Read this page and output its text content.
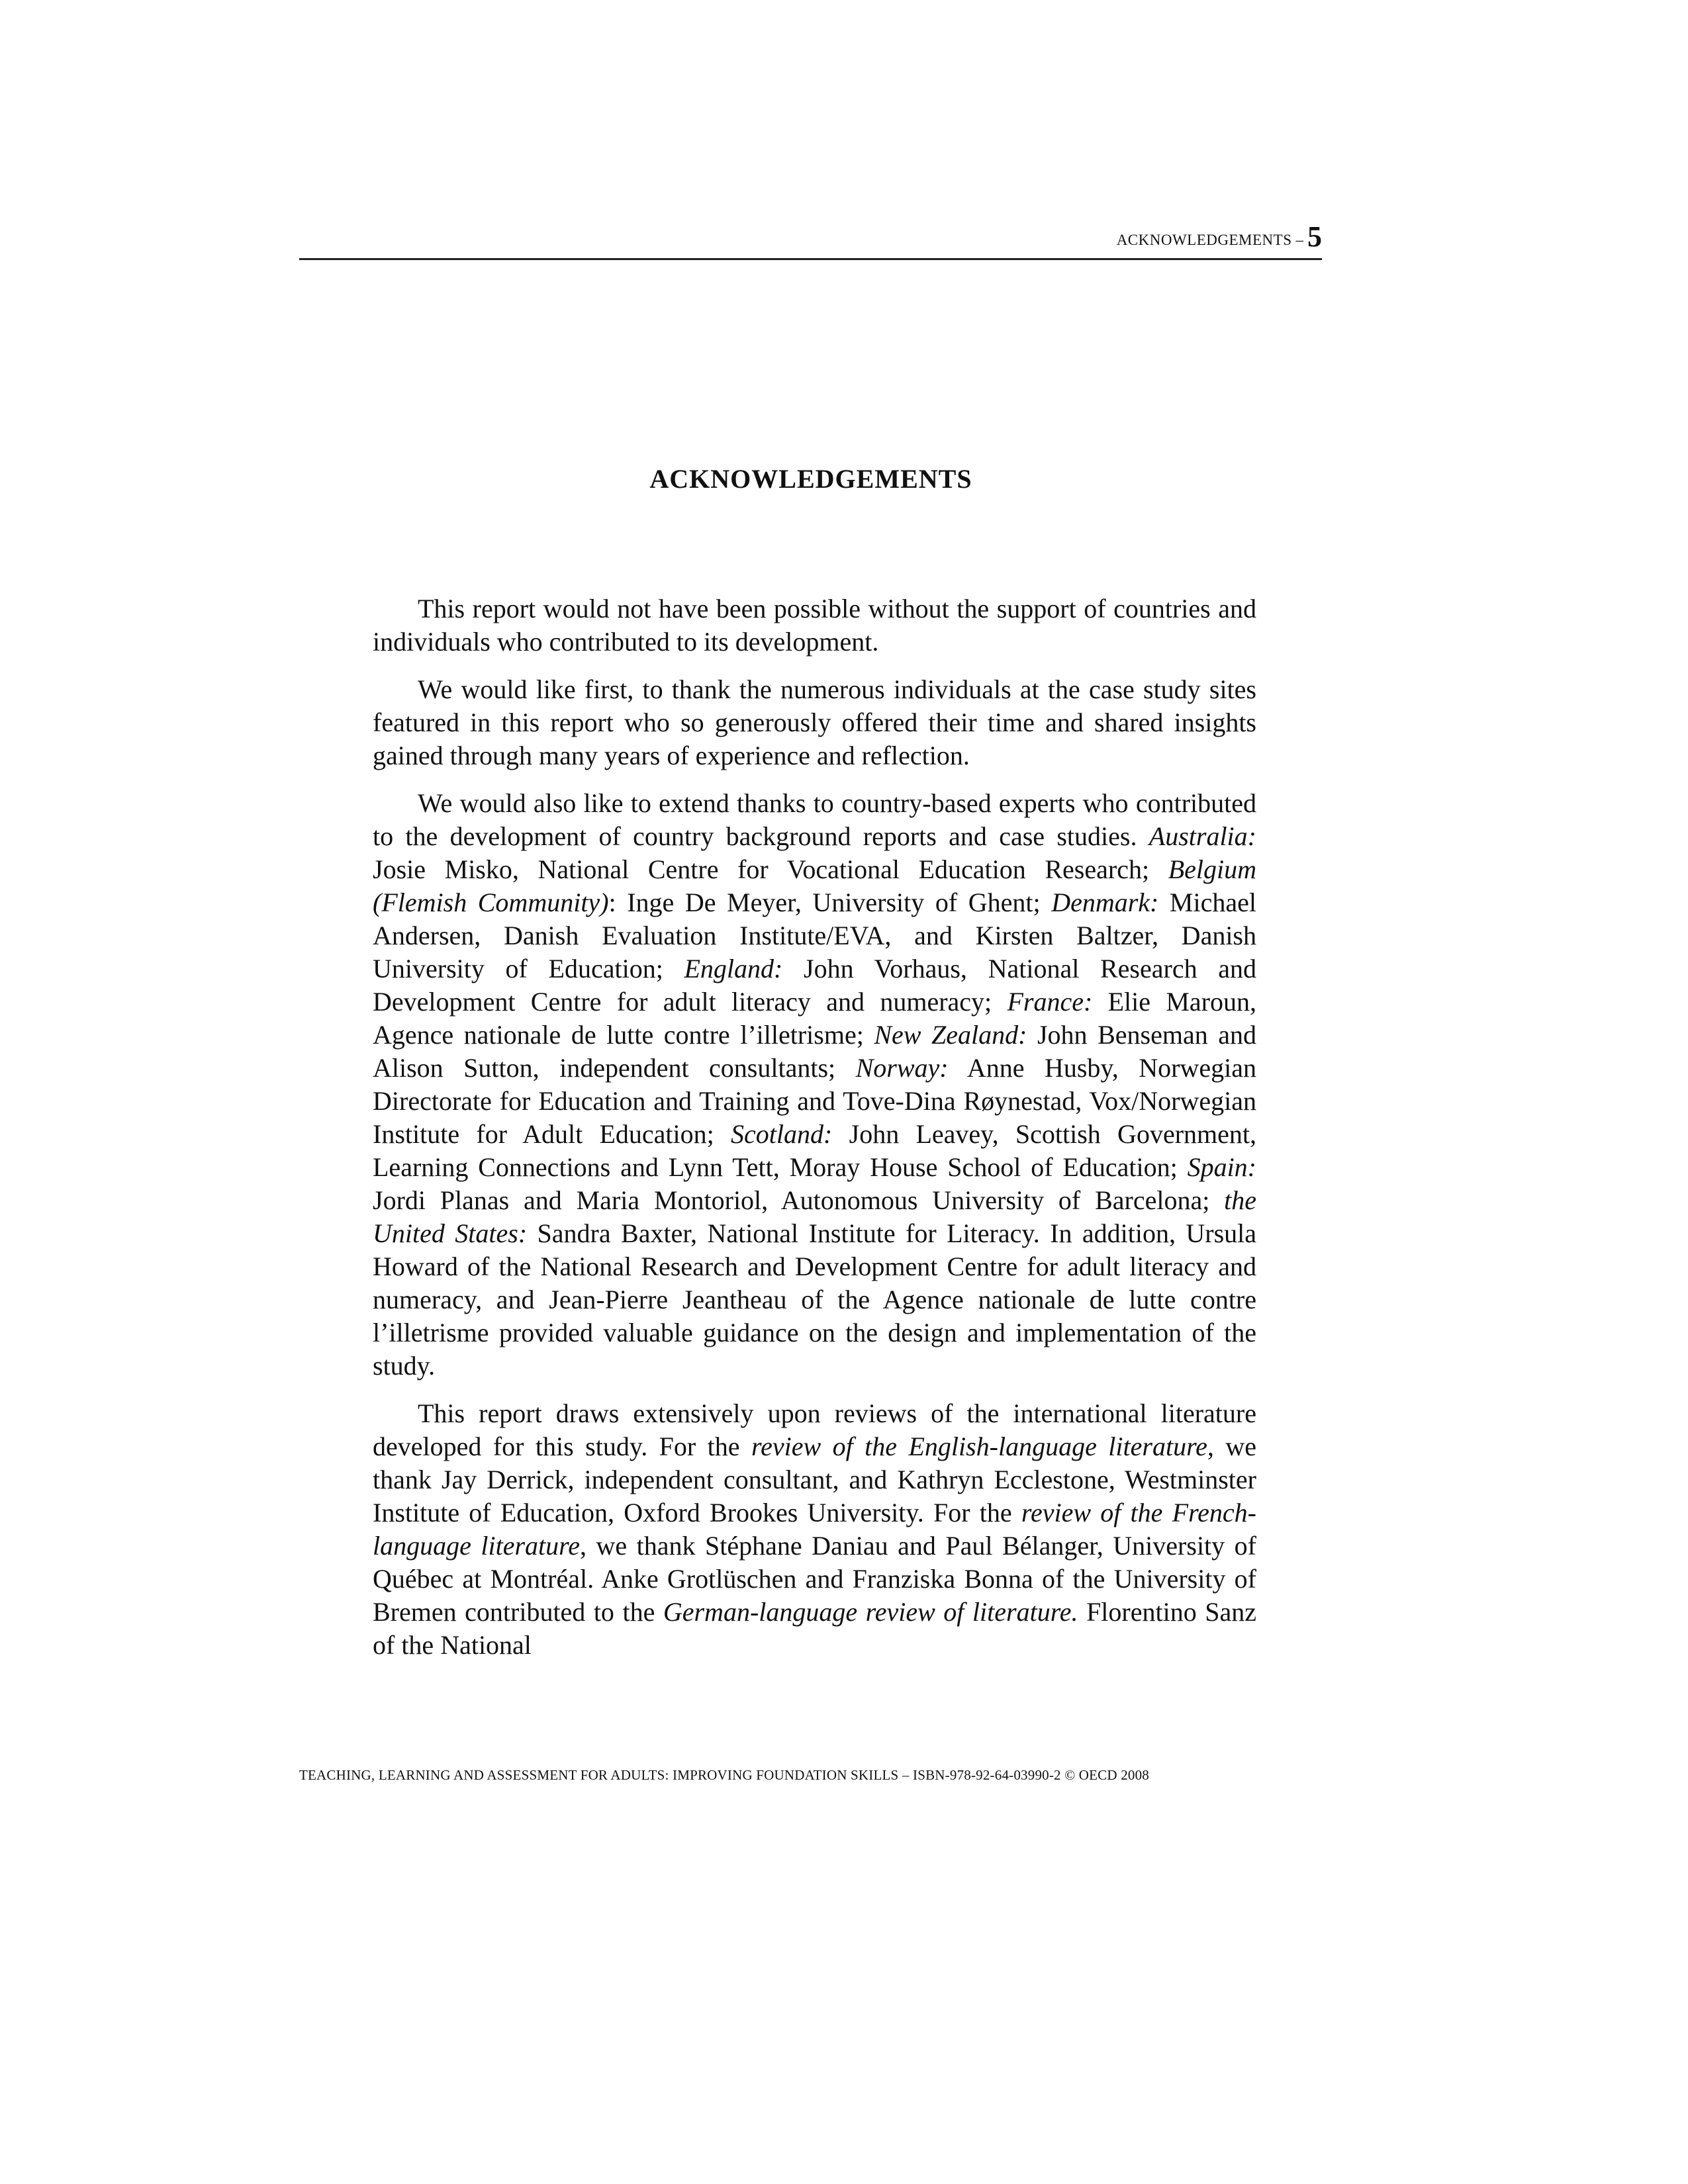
ACKNOWLEDGEMENTS – 5
ACKNOWLEDGEMENTS

This report would not have been possible without the support of countries and individuals who contributed to its development.

We would like first, to thank the numerous individuals at the case study sites featured in this report who so generously offered their time and shared insights gained through many years of experience and reflection.

We would also like to extend thanks to country-based experts who contributed to the development of country background reports and case studies. Australia: Josie Misko, National Centre for Vocational Education Research; Belgium (Flemish Community): Inge De Meyer, University of Ghent; Denmark: Michael Andersen, Danish Evaluation Institute/EVA, and Kirsten Baltzer, Danish University of Education; England: John Vorhaus, National Research and Development Centre for adult literacy and numeracy; France: Elie Maroun, Agence nationale de lutte contre l’illetrisme; New Zealand: John Benseman and Alison Sutton, independent consultants; Norway: Anne Husby, Norwegian Directorate for Education and Training and Tove-Dina Røynestad, Vox/Norwegian Institute for Adult Education; Scotland: John Leavey, Scottish Government, Learning Connections and Lynn Tett, Moray House School of Education; Spain: Jordi Planas and Maria Montoriol, Autonomous University of Barcelona; the United States: Sandra Baxter, National Institute for Literacy. In addition, Ursula Howard of the National Research and Development Centre for adult literacy and numeracy, and Jean-Pierre Jeantheau of the Agence nationale de lutte contre l’illetrisme provided valuable guidance on the design and implementation of the study.

This report draws extensively upon reviews of the international literature developed for this study. For the review of the English-language literature, we thank Jay Derrick, independent consultant, and Kathryn Ecclestone, Westminster Institute of Education, Oxford Brookes University. For the review of the French-language literature, we thank Stéphane Daniau and Paul Bélanger, University of Québec at Montréal. Anke Grotlüschen and Franziska Bonna of the University of Bremen contributed to the German-language review of literature. Florentino Sanz of the National

TEACHING, LEARNING AND ASSESSMENT FOR ADULTS: IMPROVING FOUNDATION SKILLS – ISBN-978-92-64-03990-2 © OECD 2008
